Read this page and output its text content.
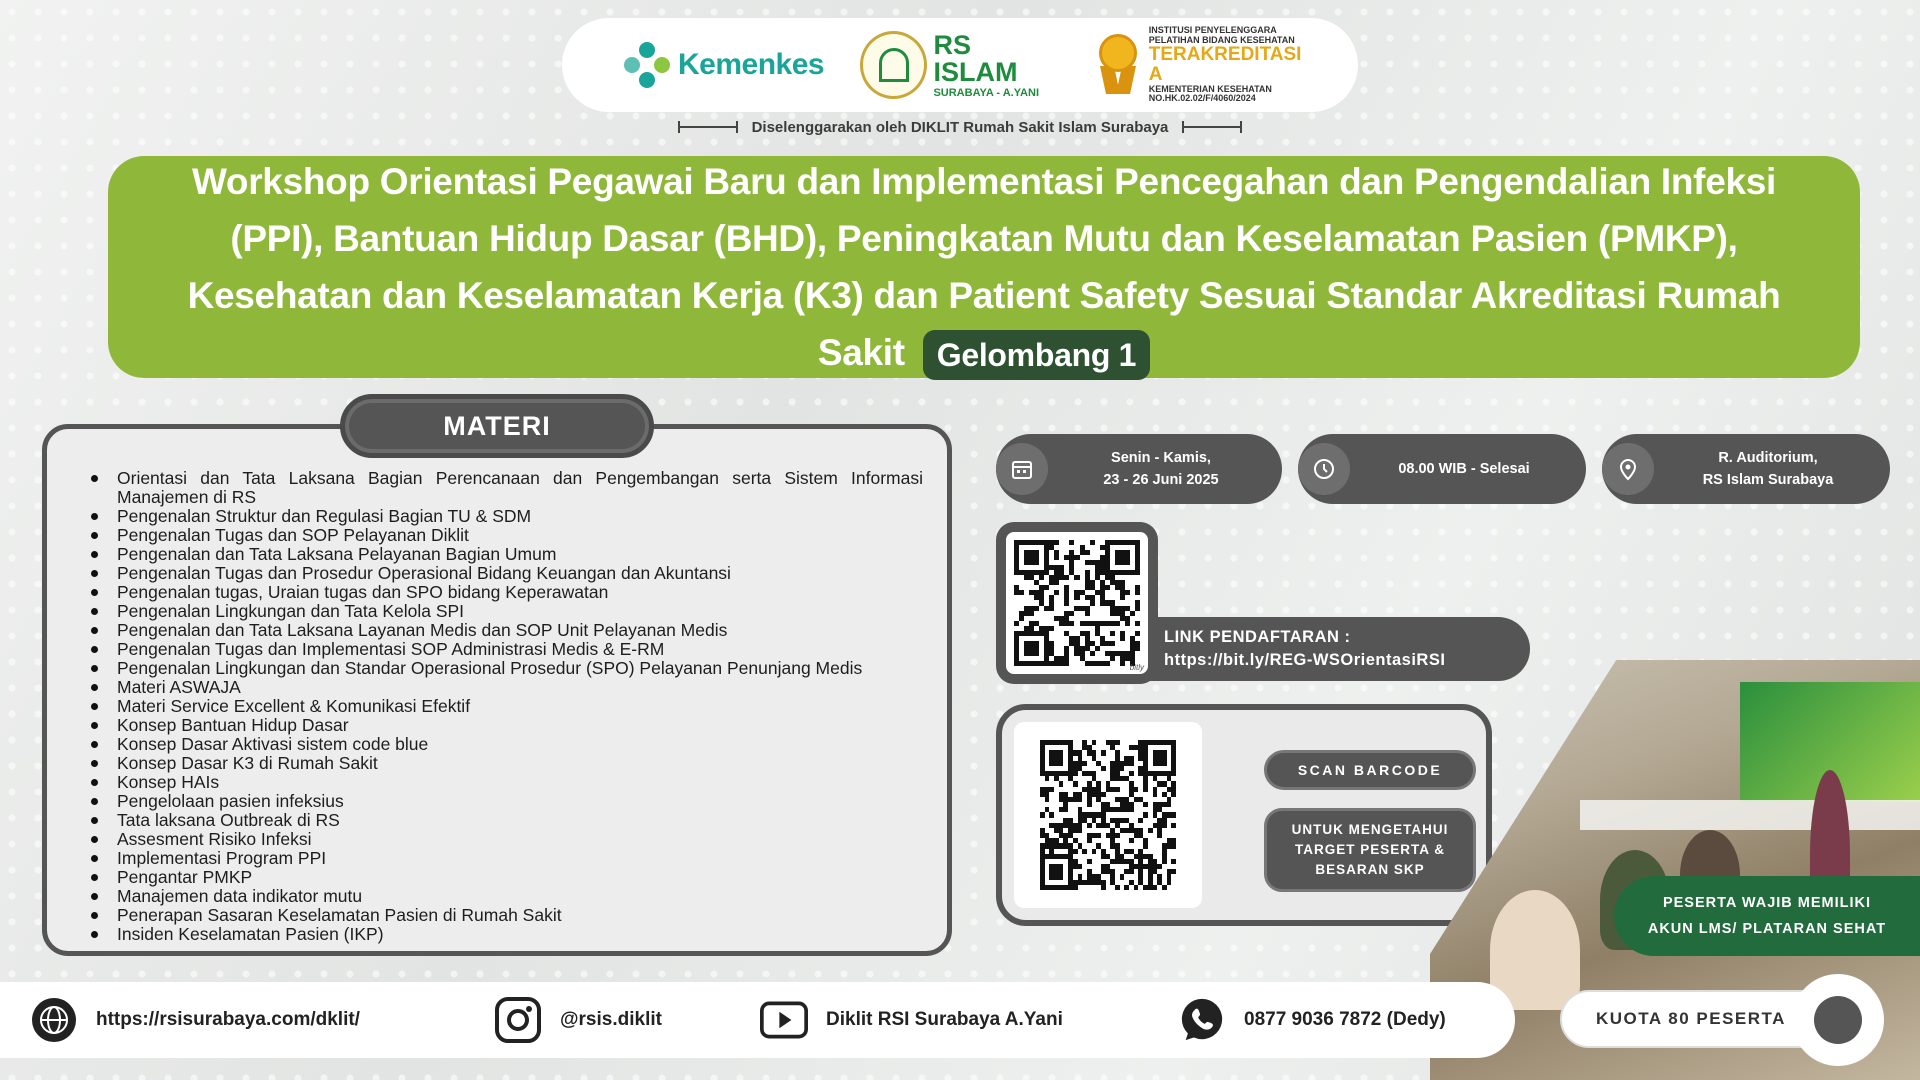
Kemenkes
RS ISLAM
SURABAYA - A.YANI
INSTITUSI PENYELENGGARA
PELATIHAN BIDANG KESEHATAN
TERAKREDITASI A
KEMENTERIAN KESEHATAN
NO.HK.02.02/F/4060/2024
Diselenggarakan oleh DIKLIT Rumah Sakit Islam Surabaya
Workshop Orientasi Pegawai Baru dan Implementasi Pencegahan dan Pengendalian Infeksi (PPI), Bantuan Hidup Dasar (BHD), Peningkatan Mutu dan Keselamatan Pasien (PMKP), Kesehatan dan Keselamatan Kerja (K3) dan Patient Safety Sesuai Standar Akreditasi Rumah Sakit Gelombang 1
Orientasi dan Tata Laksana Bagian Perencanaan dan Pengembangan serta Sistem Informasi Manajemen di RS
Pengenalan Struktur dan Regulasi Bagian TU & SDM
Pengenalan Tugas dan SOP Pelayanan Diklit
Pengenalan dan Tata Laksana Pelayanan Bagian Umum
Pengenalan Tugas dan Prosedur Operasional Bidang Keuangan dan Akuntansi
Pengenalan tugas, Uraian tugas dan SPO bidang Keperawatan
Pengenalan Lingkungan dan Tata Kelola SPI
Pengenalan dan Tata Laksana Layanan Medis dan SOP Unit Pelayanan Medis
Pengenalan Tugas dan Implementasi SOP Administrasi Medis & E-RM
Pengenalan Lingkungan dan Standar Operasional Prosedur (SPO) Pelayanan Penunjang Medis
Materi ASWAJA
Materi Service Excellent & Komunikasi Efektif
Konsep Bantuan Hidup Dasar
Konsep Dasar Aktivasi sistem code blue
Konsep Dasar K3 di Rumah Sakit
Konsep HAIs
Pengelolaan pasien infeksius
Tata laksana Outbreak di RS
Assesment Risiko Infeksi
Implementasi Program PPI
Pengantar PMKP
Manajemen data indikator mutu
Penerapan Sasaran Keselamatan Pasien di Rumah Sakit
Insiden Keselamatan Pasien (IKP)
MATERI
Senin - Kamis,
23 - 26 Juni 2025
08.00 WIB - Selesai
R. Auditorium,
RS Islam Surabaya
LINK PENDAFTARAN :
https://bit.ly/REG-WSOrientasiRSI
bitly
SCAN BARCODE
UNTUK MENGETAHUI TARGET PESERTA & BESARAN SKP
PESERTA WAJIB MEMILIKI
AKUN LMS/ PLATARAN SEHAT
https://rsisurabaya.com/dklit/	@rsis.diklit	Diklit RSI Surabaya A.Yani	0877 9036 7872 (Dedy)	KUOTA 80 PESERTA
